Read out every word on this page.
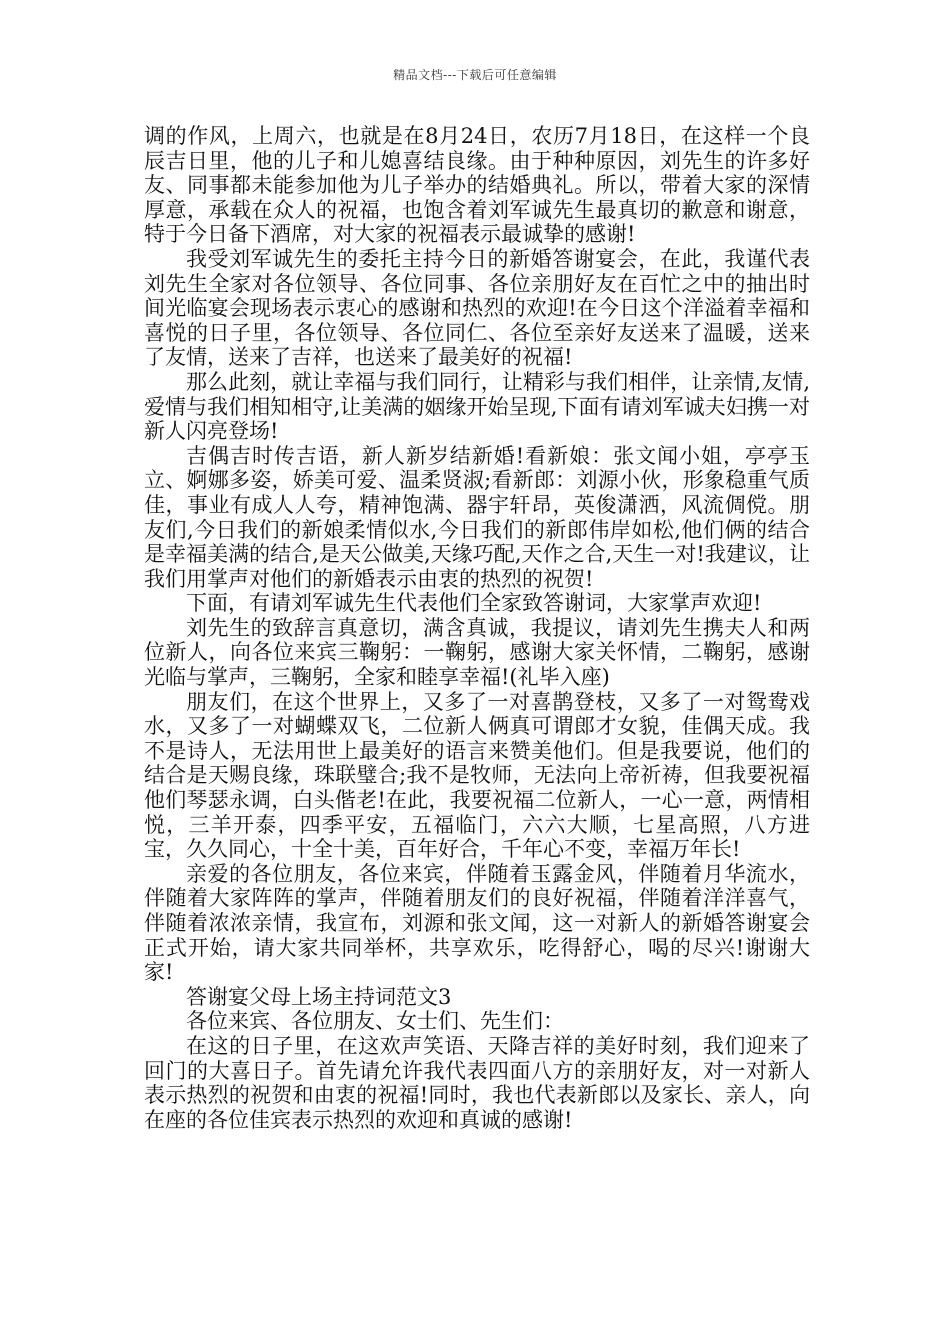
精品文档---下载后可任意编辑

调的作风，上周六，也就是在8月24日，农历7月18日，在这样一个良辰吉日里，他的儿子和儿媳喜结良缘。由于种种原因，刘先生的许多好友、同事都未能参加他为儿子举办的结婚典礼。所以，带着大家的深情厚意，承载在众人的祝福，也饱含着刘军诚先生最真切的歉意和谢意，特于今日备下酒席，对大家的祝福表示最诚挚的感谢!

我受刘军诚先生的委托主持今日的新婚答谢宴会，在此，我谨代表刘先生全家对各位领导、各位同事、各位亲朋好友在百忙之中的抽出时间光临宴会现场表示衷心的感谢和热烈的欢迎!在今日这个洋溢着幸福和喜悦的日子里，各位领导、各位同仁、各位至亲好友送来了温暖，送来了友情，送来了吉祥，也送来了最美好的祝福!

那么此刻，就让幸福与我们同行，让精彩与我们相伴，让亲情,友情,爱情与我们相知相守,让美满的姻缘开始呈现,下面有请刘军诚夫妇携一对新人闪亮登场!

吉偶吉时传吉语，新人新岁结新婚!看新娘：张文闻小姐，亭亭玉立、婀娜多姿，娇美可爱、温柔贤淑;看新郎：刘源小伙，形象稳重气质佳，事业有成人人夸，精神饱满、器宇轩昂，英俊潇洒，风流倜傥。朋友们,今日我们的新娘柔情似水,今日我们的新郎伟岸如松,他们俩的结合是幸福美满的结合,是天公做美,天缘巧配,天作之合,天生一对!我建议，让我们用掌声对他们的新婚表示由衷的热烈的祝贺!

下面，有请刘军诚先生代表他们全家致答谢词，大家掌声欢迎!

刘先生的致辞言真意切，满含真诚，我提议，请刘先生携夫人和两位新人，向各位来宾三鞠躬：一鞠躬，感谢大家关怀情，二鞠躬，感谢光临与掌声，三鞠躬，全家和睦享幸福!(礼毕入座)

朋友们，在这个世界上，又多了一对喜鹊登枝，又多了一对鸳鸯戏水，又多了一对蝴蝶双飞，二位新人俩真可谓郎才女貌，佳偶天成。我不是诗人，无法用世上最美好的语言来赞美他们。但是我要说，他们的结合是天赐良缘，珠联璧合;我不是牧师，无法向上帝祈祷，但我要祝福他们琴瑟永调，白头偕老!在此，我要祝福二位新人，一心一意，两情相悦，三羊开泰，四季平安，五福临门，六六大顺，七星高照，八方进宝，久久同心，十全十美，百年好合，千年心不变，幸福万年长!

亲爱的各位朋友，各位来宾，伴随着玉露金风，伴随着月华流水，伴随着大家阵阵的掌声，伴随着朋友们的良好祝福，伴随着洋洋喜气，伴随着浓浓亲情，我宣布，刘源和张文闻，这一对新人的新婚答谢宴会正式开始，请大家共同举杯，共享欢乐，吃得舒心，喝的尽兴!谢谢大家!

答谢宴父母上场主持词范文3

各位来宾、各位朋友、女士们、先生们：

在这的日子里，在这欢声笑语、天降吉祥的美好时刻，我们迎来了回门的大喜日子。首先请允许我代表四面八方的亲朋好友，对一对新人表示热烈的祝贺和由衷的祝福!同时，我也代表新郎以及家长、亲人，向在座的各位佳宾表示热烈的欢迎和真诚的感谢!
